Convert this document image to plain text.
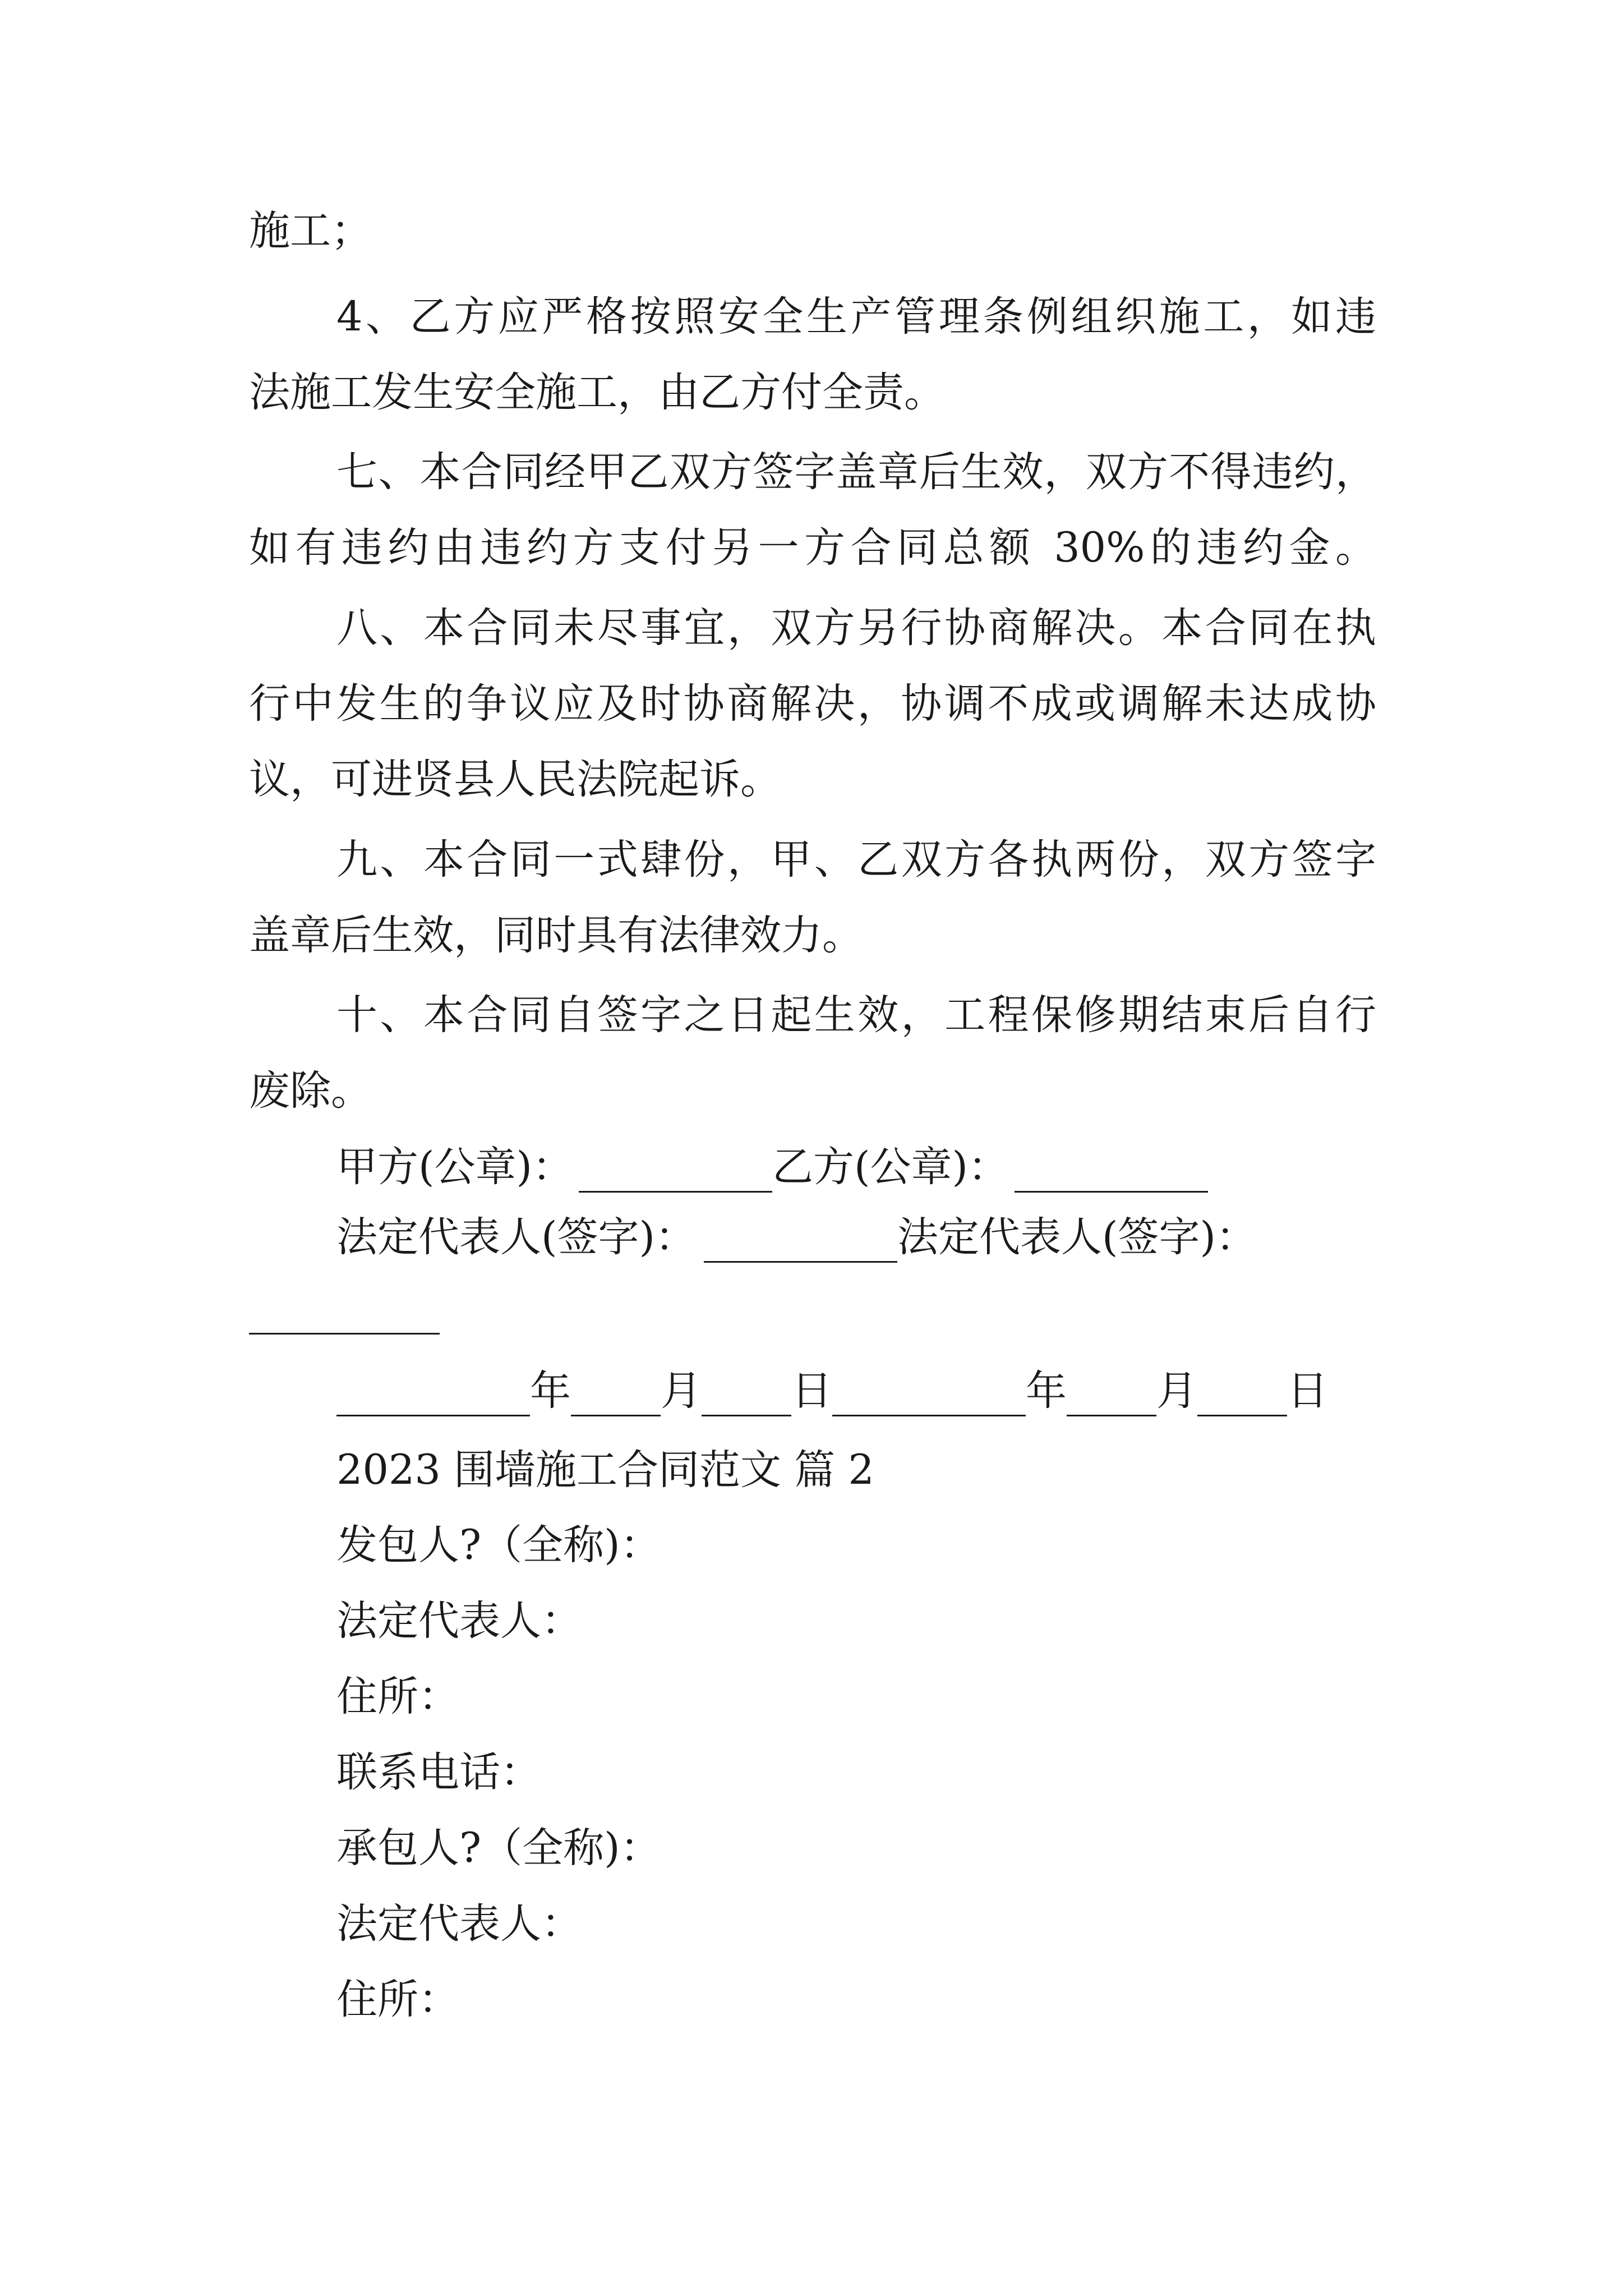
施工；
4、乙方应严格按照安全生产管理条例组织施工，如违
法施工发生安全施工，由乙方付全责。
七、本合同经甲乙双方签字盖章后生效，双方不得违约，
如有违约由违约方支付另一方合同总额 30%的违约金。
八、本合同未尽事宜，双方另行协商解决。本合同在执
行中发生的争议应及时协商解决，协调不成或调解未达成协
议，可进贤县人民法院起诉。
九、本合同一式肆份，甲、乙双方各执两份，双方签字
盖章后生效，同时具有法律效力。
十、本合同自签字之日起生效，工程保修期结束后自行
废除。
甲方(公章)：	乙方(公章)：
法定代表人(签字)：	法定代表人(签字)：
年 月 日	年 月 日
2023 围墙施工合同范文 篇 2
发包人?（全称)：
法定代表人：
住所：
联系电话：
承包人?（全称)：
法定代表人：
住所：
